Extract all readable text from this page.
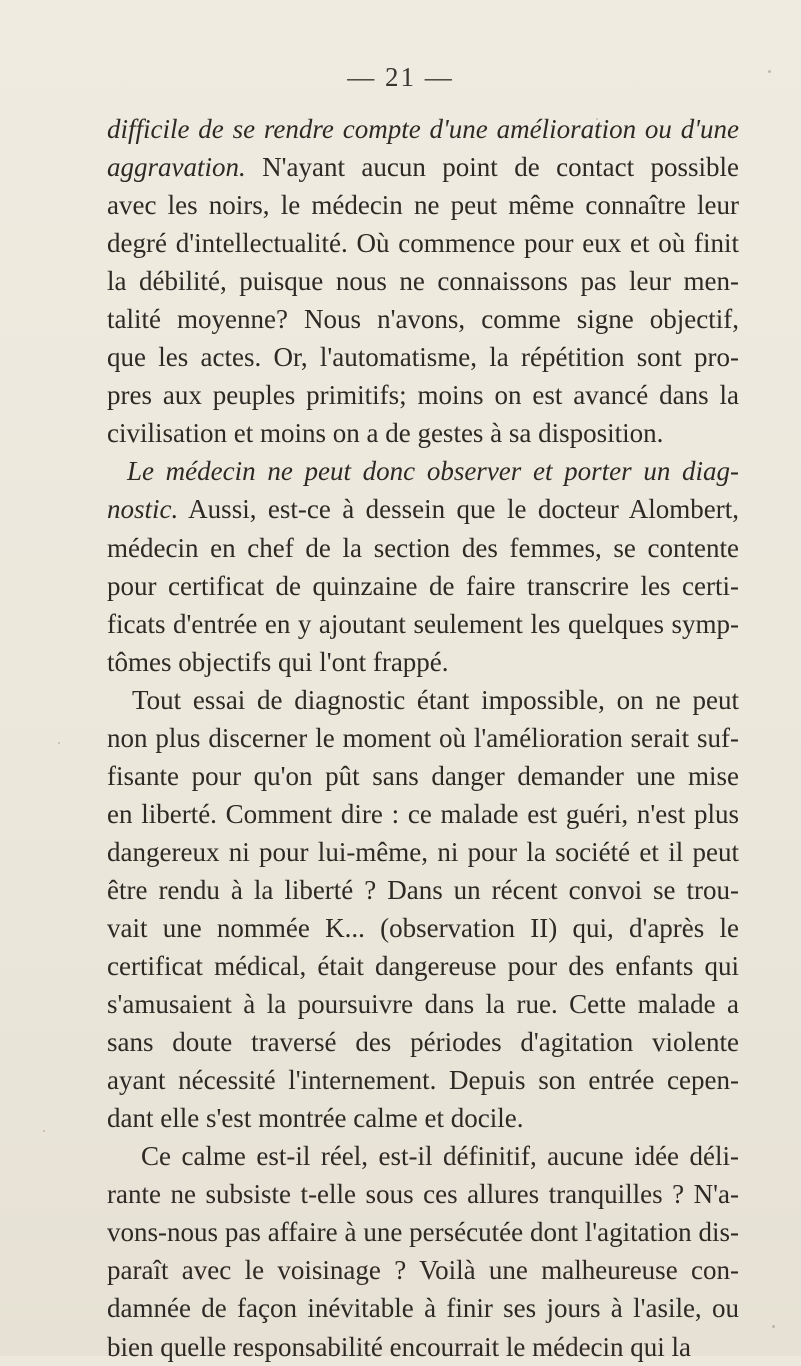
— 21 —
difficile de se rendre compte d'une amélioration ou d'une
aggravation. N'ayant aucun point de contact possible
avec les noirs, le médecin ne peut même connaître leur
degré d'intellectualité. Où commence pour eux et où finit
la débilité, puisque nous ne connaissons pas leur men-
talité moyenne? Nous n'avons, comme signe objectif,
que les actes. Or, l'automatisme, la répétition sont pro-
pres aux peuples primitifs; moins on est avancé dans la
civilisation et moins on a de gestes à sa disposition.
Le médecin ne peut donc observer et porter un diag-
nostic. Aussi, est-ce à dessein que le docteur Alombert,
médecin en chef de la section des femmes, se contente
pour certificat de quinzaine de faire transcrire les certi-
ficats d'entrée en y ajoutant seulement les quelques symp-
tômes objectifs qui l'ont frappé.
Tout essai de diagnostic étant impossible, on ne peut
non plus discerner le moment où l'amélioration serait suf-
fisante pour qu'on pût sans danger demander une mise
en liberté. Comment dire : ce malade est guéri, n'est plus
dangereux ni pour lui-même, ni pour la société et il peut
être rendu à la liberté ? Dans un récent convoi se trou-
vait une nommée K... (observation II) qui, d'après le
certificat médical, était dangereuse pour des enfants qui
s'amusaient à la poursuivre dans la rue. Cette malade a
sans doute traversé des périodes d'agitation violente
ayant nécessité l'internement. Depuis son entrée cepen-
dant elle s'est montrée calme et docile.
Ce calme est-il réel, est-il définitif, aucune idée déli-
rante ne subsiste t-elle sous ces allures tranquilles ? N'a-
vons-nous pas affaire à une persécutée dont l'agitation dis-
paraît avec le voisinage ? Voilà une malheureuse con-
damnée de façon inévitable à finir ses jours à l'asile, ou
bien quelle responsabilité encourrait le médecin qui la
